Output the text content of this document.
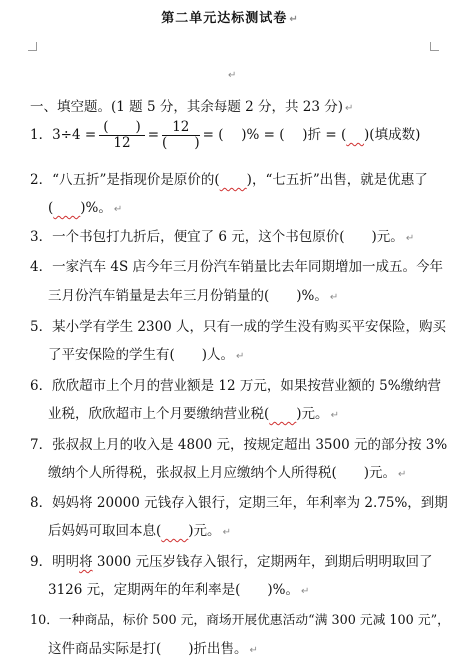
第二单元达标测试卷 ↵
↵
一、填空题。(1 题 5 分，其余每题 2 分，共 23 分) ↵
1．$3\div 4 = \frac{( )}{12} = \frac{12}{( )}$ = (　 )% = (　 )折 = (　 )(填成数)
2．“八五折”是指现价是原价的(　　 )，“七五折”出售，就是优惠了
(　　 )%。 ↵
3．一个书包打九折后，便宜了 6 元，这个书包原价(　　)元。 ↵
4．一家汽车 4S 店今年三月份汽车销量比去年同期增加一成五。今年
三月份汽车销量是去年三月份销量的(　　)%。 ↵
5．某小学有学生 2300 人，只有一成的学生没有购买平安保险，购买
了平安保险的学生有(　　)人。 ↵
6．欣欣超市上个月的营业额是 12 万元，如果按营业额的 5%缴纳营
业税，欣欣超市上个月要缴纳营业税(　　 )元。 ↵
7．张叔叔上月的收入是 4800 元，按规定超出 3500 元的部分按 3%
缴纳个人所得税，张叔叔上月应缴纳个人所得税(　　)元。 ↵
8．妈妈将 20000 元钱存入银行，定期三年，年利率为 2.75%，到期
后妈妈可取回本息(　　 )元。 ↵
9．明明将 3000 元压岁钱存入银行，定期两年，到期后明明取回了
3126 元，定期两年的年利率是(　　)%。 ↵
10．一种商品，标价 500 元，商场开展优惠活动“满 300 元减 100 元”，
这件商品实际是打(　　)折出售。 ↵
